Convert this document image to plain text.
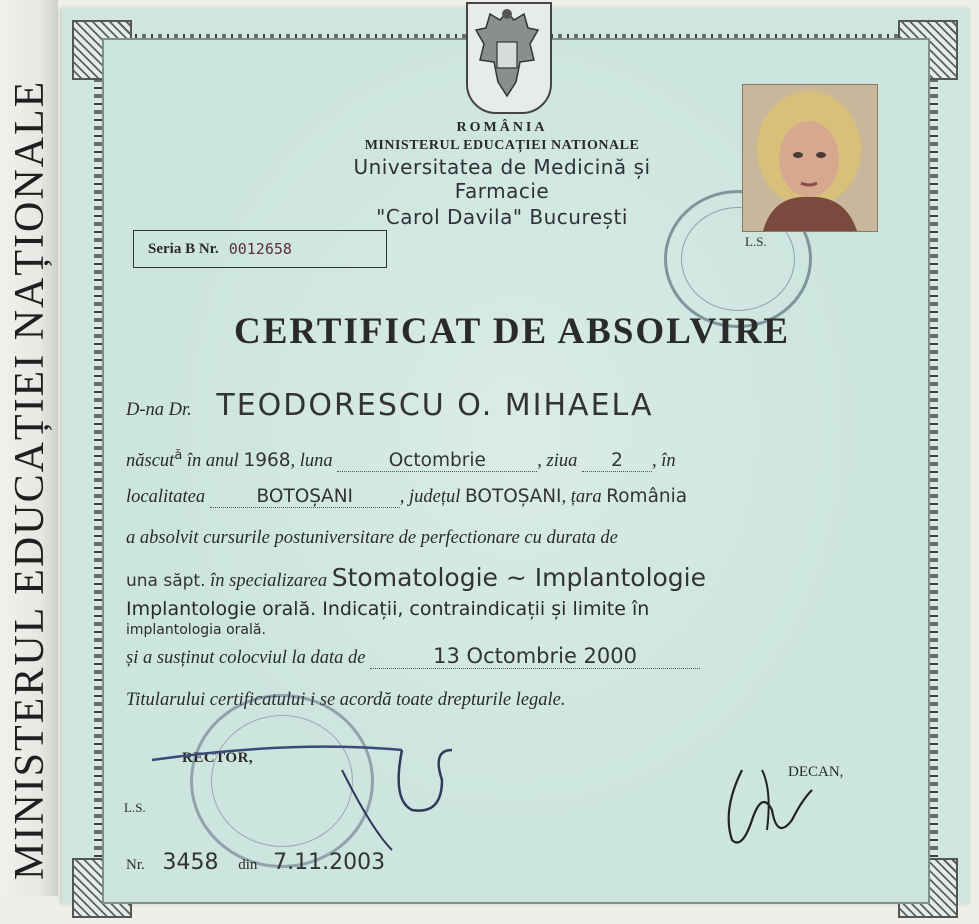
MINISTERUL EDUCAȚIEI NAȚIONALE	ROMÂNIA
MINISTERUL EDUCAȚIEI NATIONALE
Universitatea de Medicină și Farmacie
"Carol Davila" București
L.S.
Seria B Nr. 0012658
CERTIFICAT DE ABSOLVIRE
D-na Dr. TEODORESCU O. MIHAELA
născut$^ă$ în anul 1968, luna	Octombrie	, ziua 2 , în
localitatea	BOTOȘANI	, județul BOTOȘANI, țara România
a absolvit cursurile postuniversitare de perfectionare cu durata de
una săpt. în specializarea Stomatologie ~ Implantologie
Implantologie orală. Indicații, contraindicații și limite în
implantologia orală.
și a susținut colocviul la data de	13 Octombrie 2000
Titularului certificatului i se acordă toate drepturile legale.
RECTOR,
L.S.
DECAN,
Nr. 3458 din 7.11.2003
